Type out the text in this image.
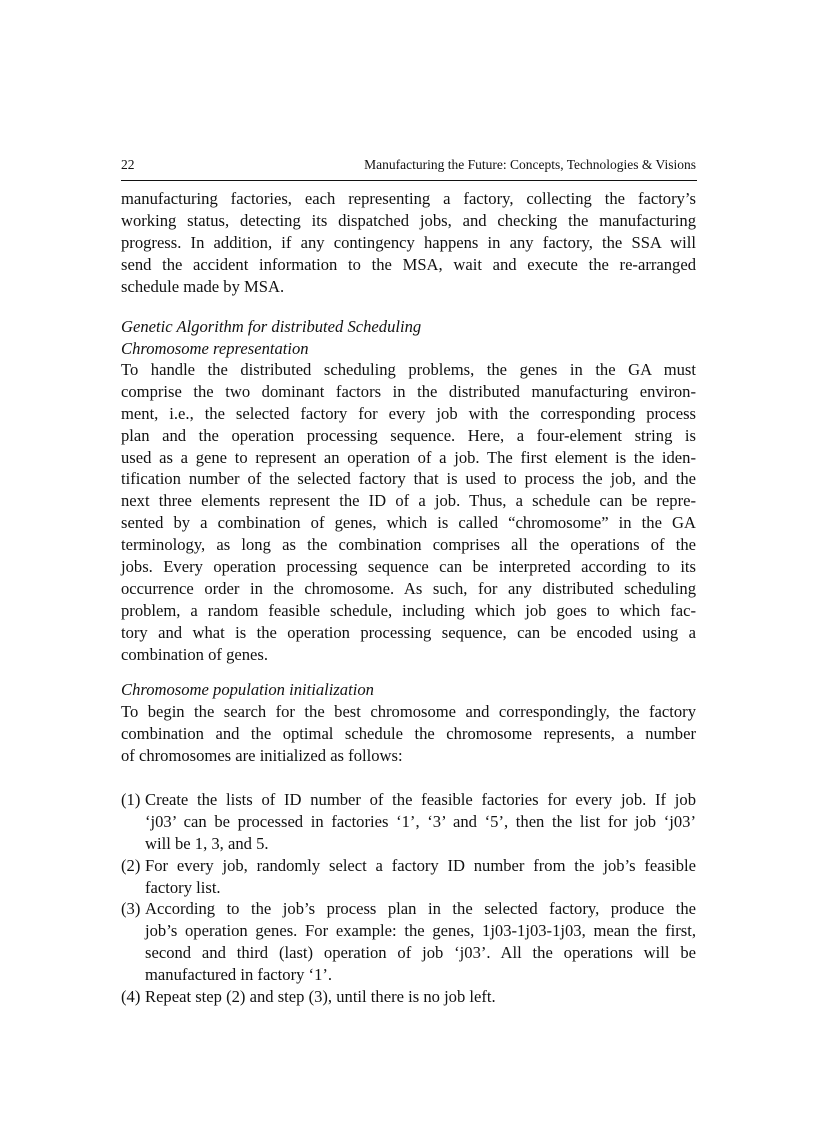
22	Manufacturing the Future: Concepts, Technologies & Visions
manufacturing factories, each representing a factory, collecting the factory’s
working status, detecting its dispatched jobs, and checking the manufacturing
progress. In addition, if any contingency happens in any factory, the SSA will
send the accident information to the MSA, wait and execute the re-arranged
schedule made by MSA.
Genetic Algorithm for distributed Scheduling
Chromosome representation
To handle the distributed scheduling problems, the genes in the GA must
comprise the two dominant factors in the distributed manufacturing environ-
ment, i.e., the selected factory for every job with the corresponding process
plan and the operation processing sequence. Here, a four-element string is
used as a gene to represent an operation of a job. The first element is the iden-
tification number of the selected factory that is used to process the job, and the
next three elements represent the ID of a job. Thus, a schedule can be repre-
sented by a combination of genes, which is called “chromosome” in the GA
terminology, as long as the combination comprises all the operations of the
jobs. Every operation processing sequence can be interpreted according to its
occurrence order in the chromosome. As such, for any distributed scheduling
problem, a random feasible schedule, including which job goes to which fac-
tory and what is the operation processing sequence, can be encoded using a
combination of genes.
Chromosome population initialization
To begin the search for the best chromosome and correspondingly, the factory
combination and the optimal schedule the chromosome represents, a number
of chromosomes are initialized as follows:
(1) Create the lists of ID number of the feasible factories for every job. If job
‘j03’ can be processed in factories ‘1’, ‘3’ and ‘5’, then the list for job ‘j03’
will be 1, 3, and 5.
(2) For every job, randomly select a factory ID number from the job’s feasible
factory list.
(3) According to the job’s process plan in the selected factory, produce the
job’s operation genes. For example: the genes, 1j03-1j03-1j03, mean the first,
second and third (last) operation of job ‘j03’. All the operations will be
manufactured in factory ‘1’.
(4) Repeat step (2) and step (3), until there is no job left.
